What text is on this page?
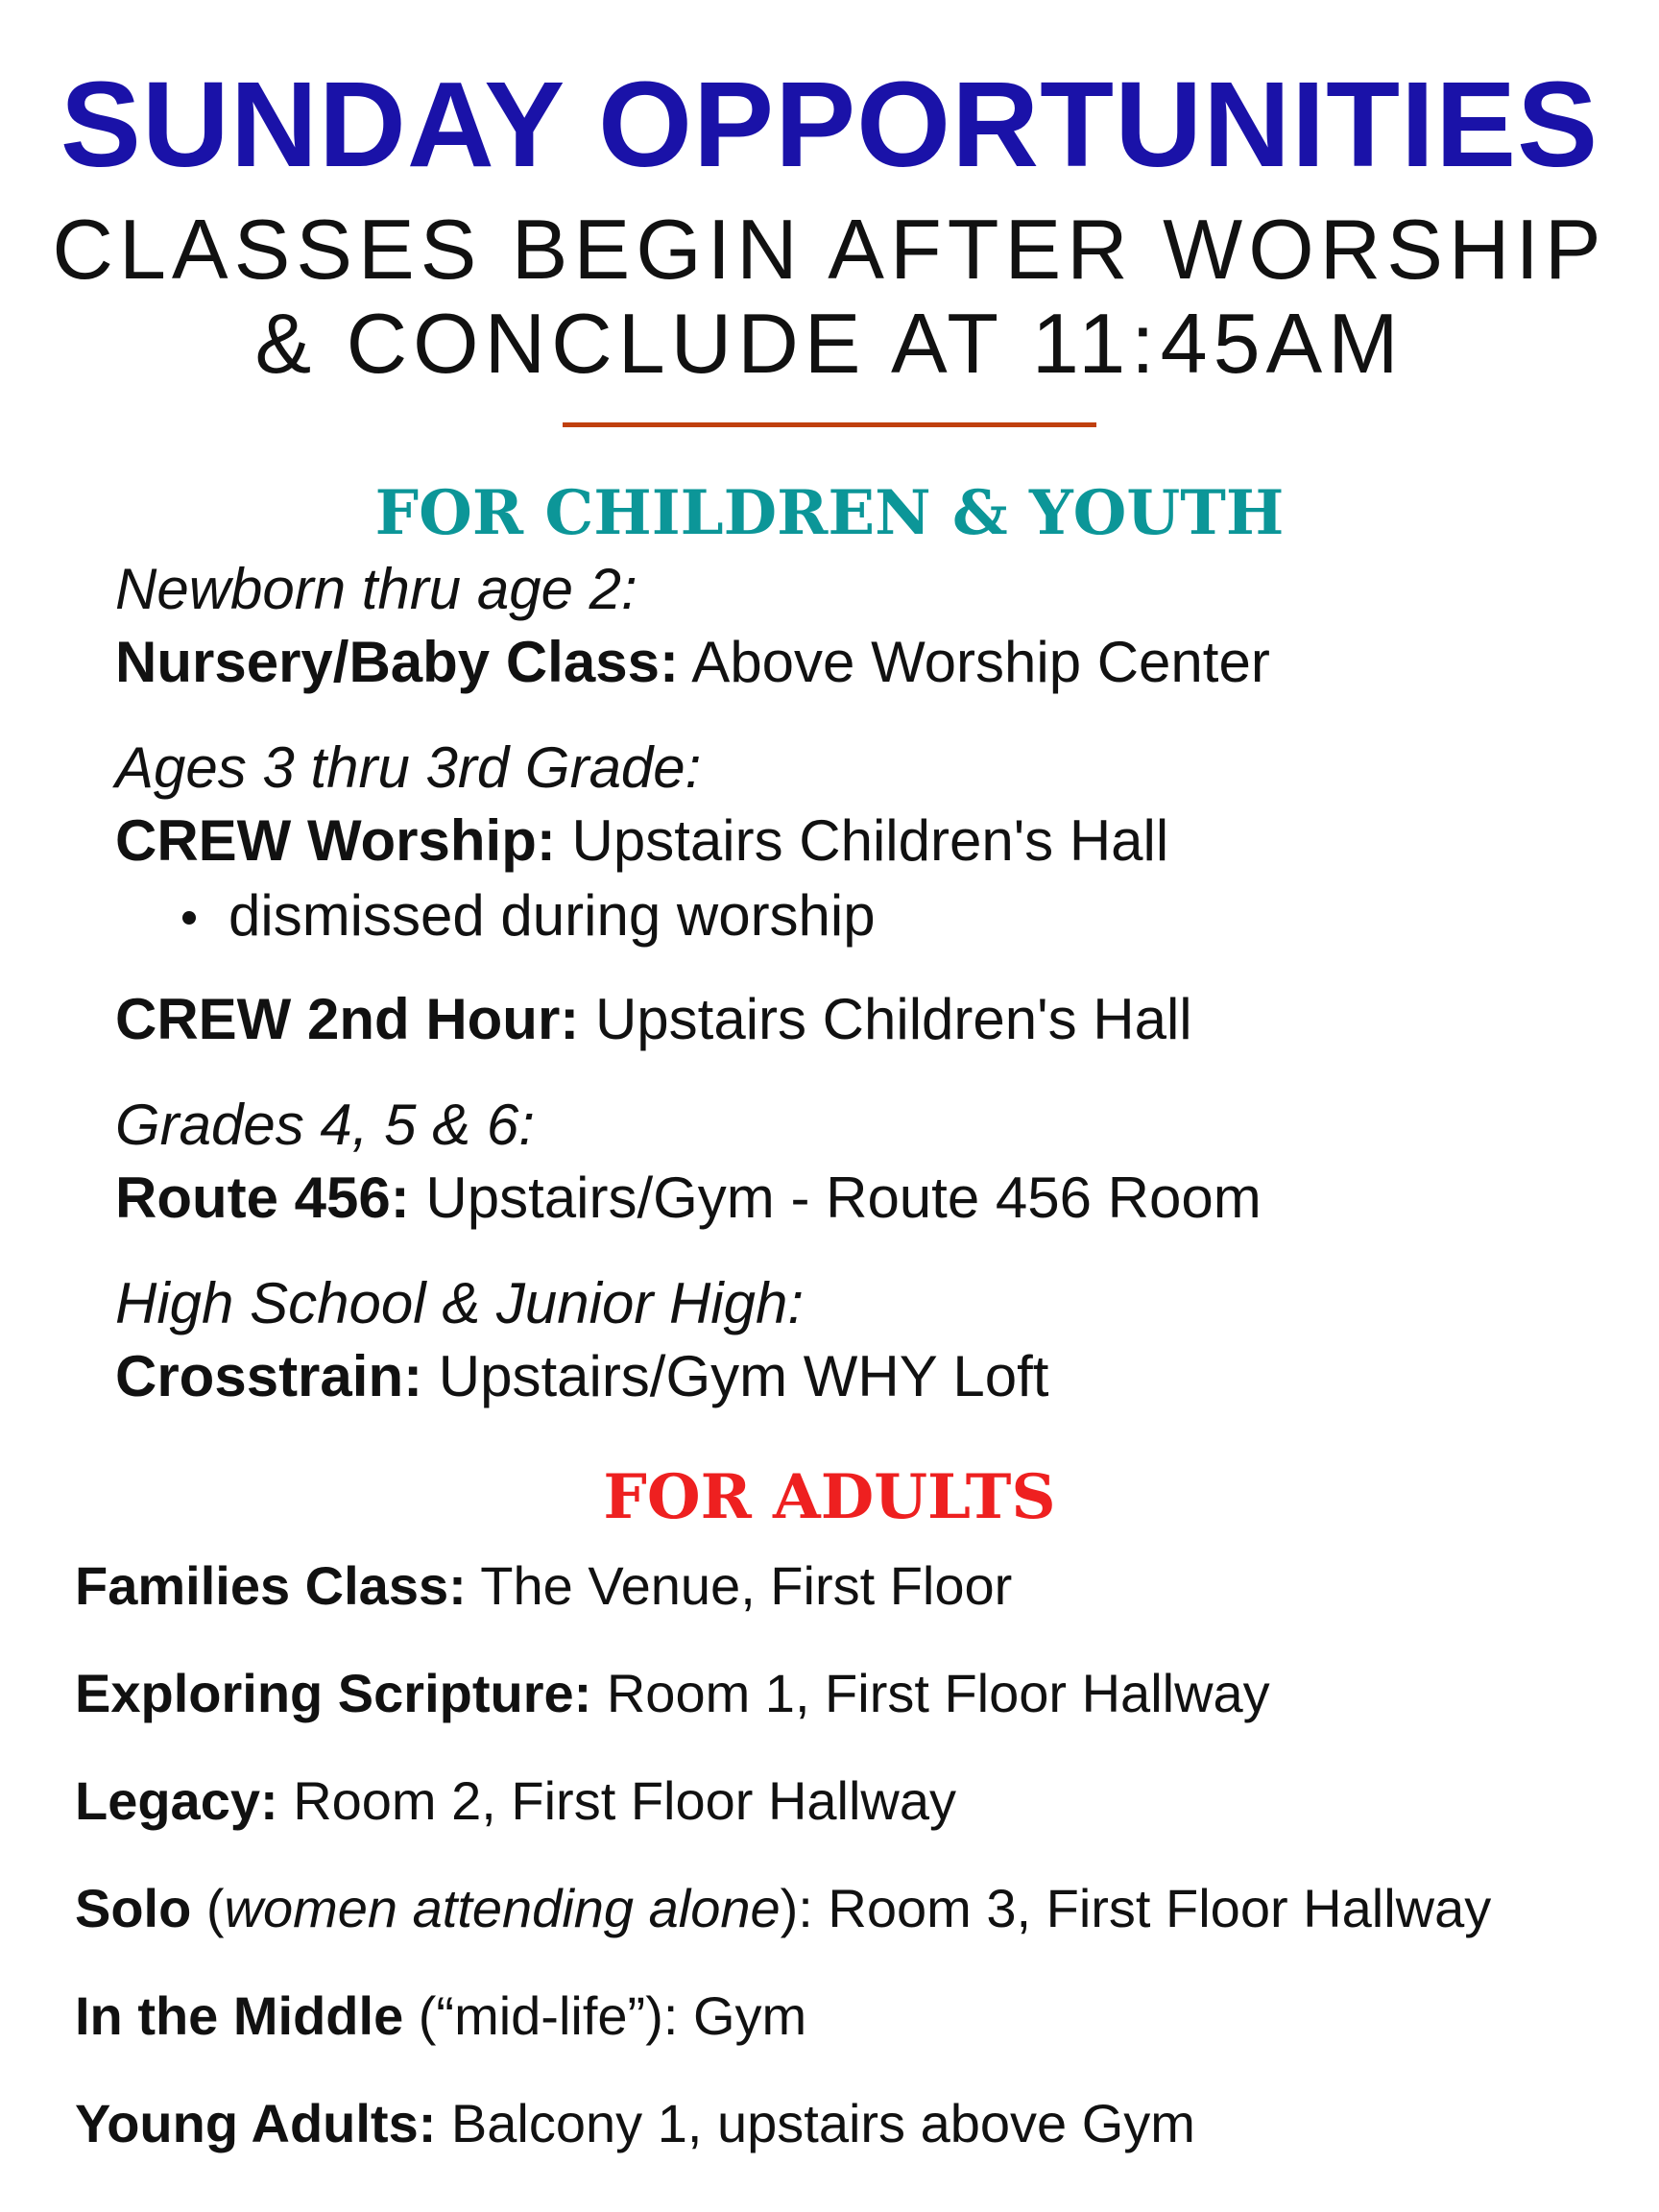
SUNDAY OPPORTUNITIES
CLASSES BEGIN AFTER WORSHIP
& CONCLUDE AT 11:45AM
FOR CHILDREN & YOUTH
Newborn thru age 2:
Nursery/Baby Class: Above Worship Center
Ages 3 thru 3rd Grade:
CREW Worship: Upstairs Children's Hall
dismissed during worship
CREW 2nd Hour: Upstairs Children's Hall
Grades 4, 5 & 6:
Route 456: Upstairs/Gym - Route 456 Room
High School & Junior High:
Crosstrain: Upstairs/Gym WHY Loft
FOR ADULTS
Families Class: The Venue, First Floor
Exploring Scripture: Room 1, First Floor Hallway
Legacy: Room 2, First Floor Hallway
Solo (women attending alone): Room 3, First Floor Hallway
In the Middle (“mid-life”): Gym
Young Adults: Balcony 1, upstairs above Gym
